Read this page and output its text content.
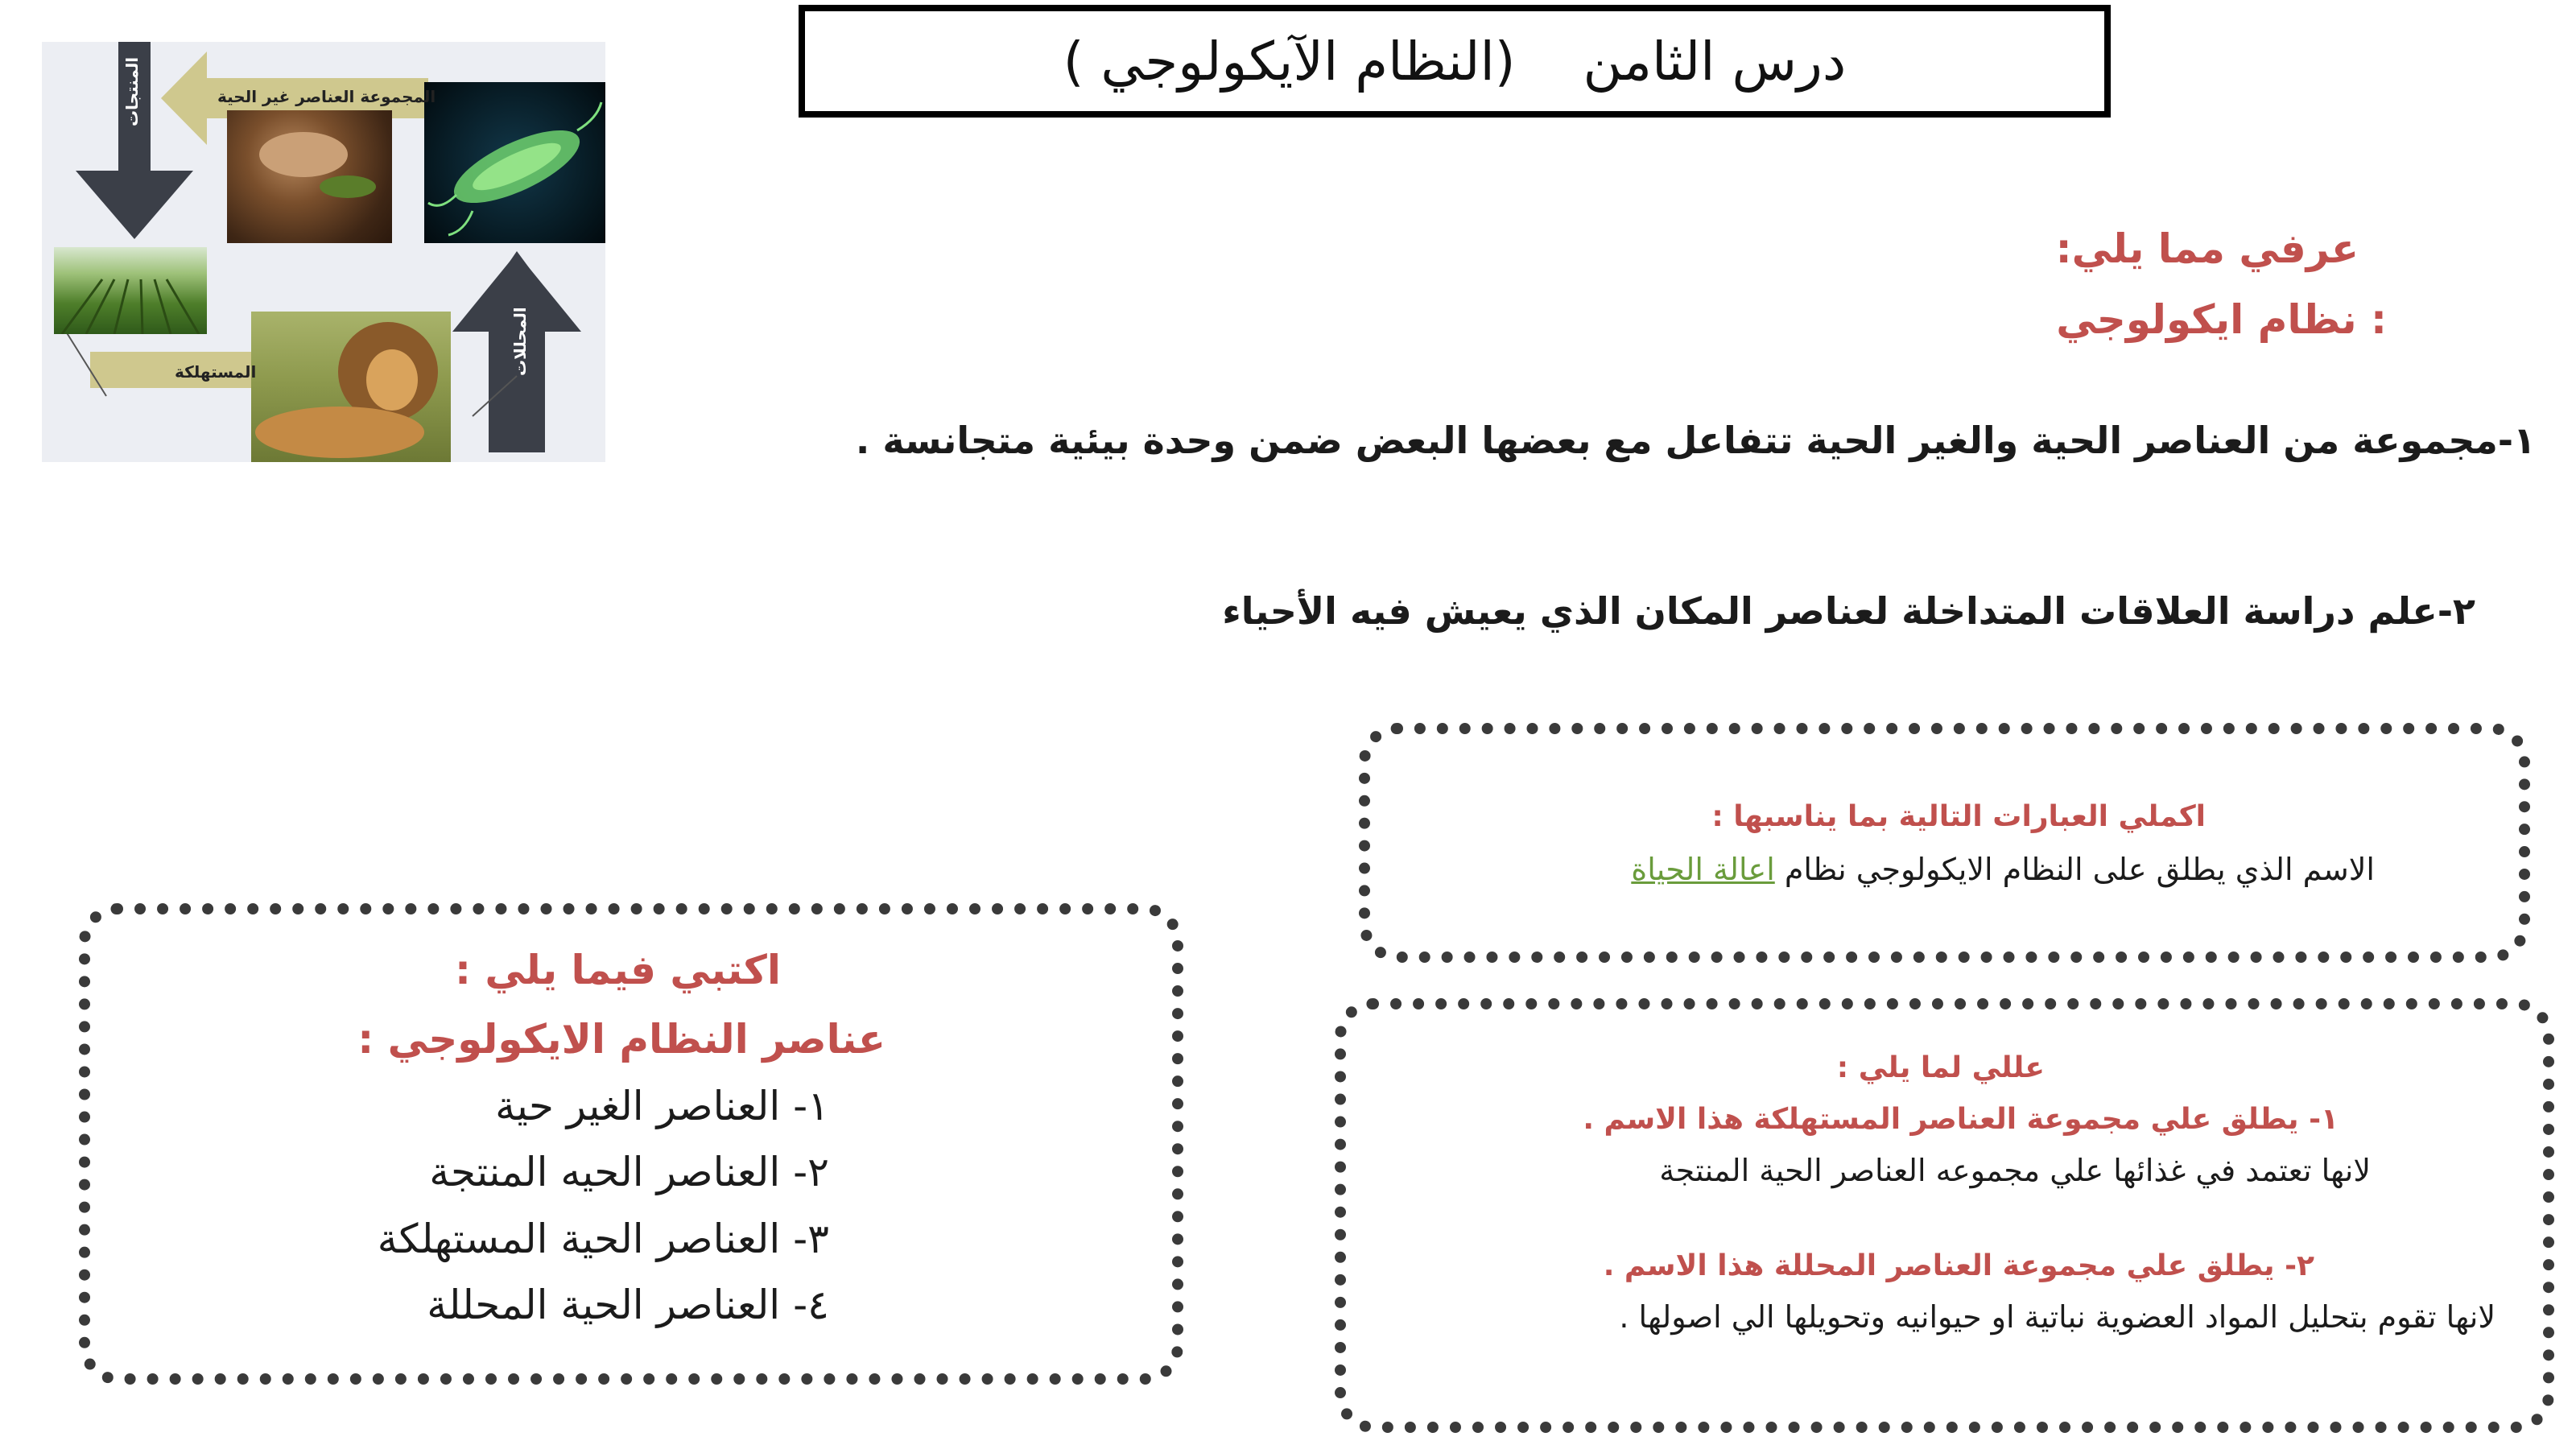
درس الثامن    (النظام الآيكولوجي )
المجموعة العناصر غير الحية
المنتجات
المحللات
المستهلكة
عرفي مما يلي:
: نظام ايكولوجي
١-مجموعة من العناصر الحية والغير الحية تتفاعل مع بعضها البعض ضمن وحدة بيئية متجانسة .
٢-علم دراسة العلاقات المتداخلة لعناصر المكان الذي يعيش فيه الأحياء
اكملي العبارات التالية بما يناسبها :
الاسم الذي يطلق على النظام الايكولوجي نظام اعالة الحياة
عللي لما يلي :
١- يطلق علي مجموعة العناصر المستهلكة هذا الاسم .
لانها تعتمد في غذائها علي مجموعه العناصر الحية المنتجة
٢- يطلق علي مجموعة العناصر المحللة هذا الاسم .
لانها تقوم بتحليل المواد العضوية نباتية او حيوانيه وتحويلها الي اصولها .
اكتبي فيما يلي :
عناصر النظام الايكولوجي :
١- العناصر الغير حية
٢- العناصر الحيه المنتجة
٣- العناصر الحية المستهلكة
٤- العناصر الحية المحللة
